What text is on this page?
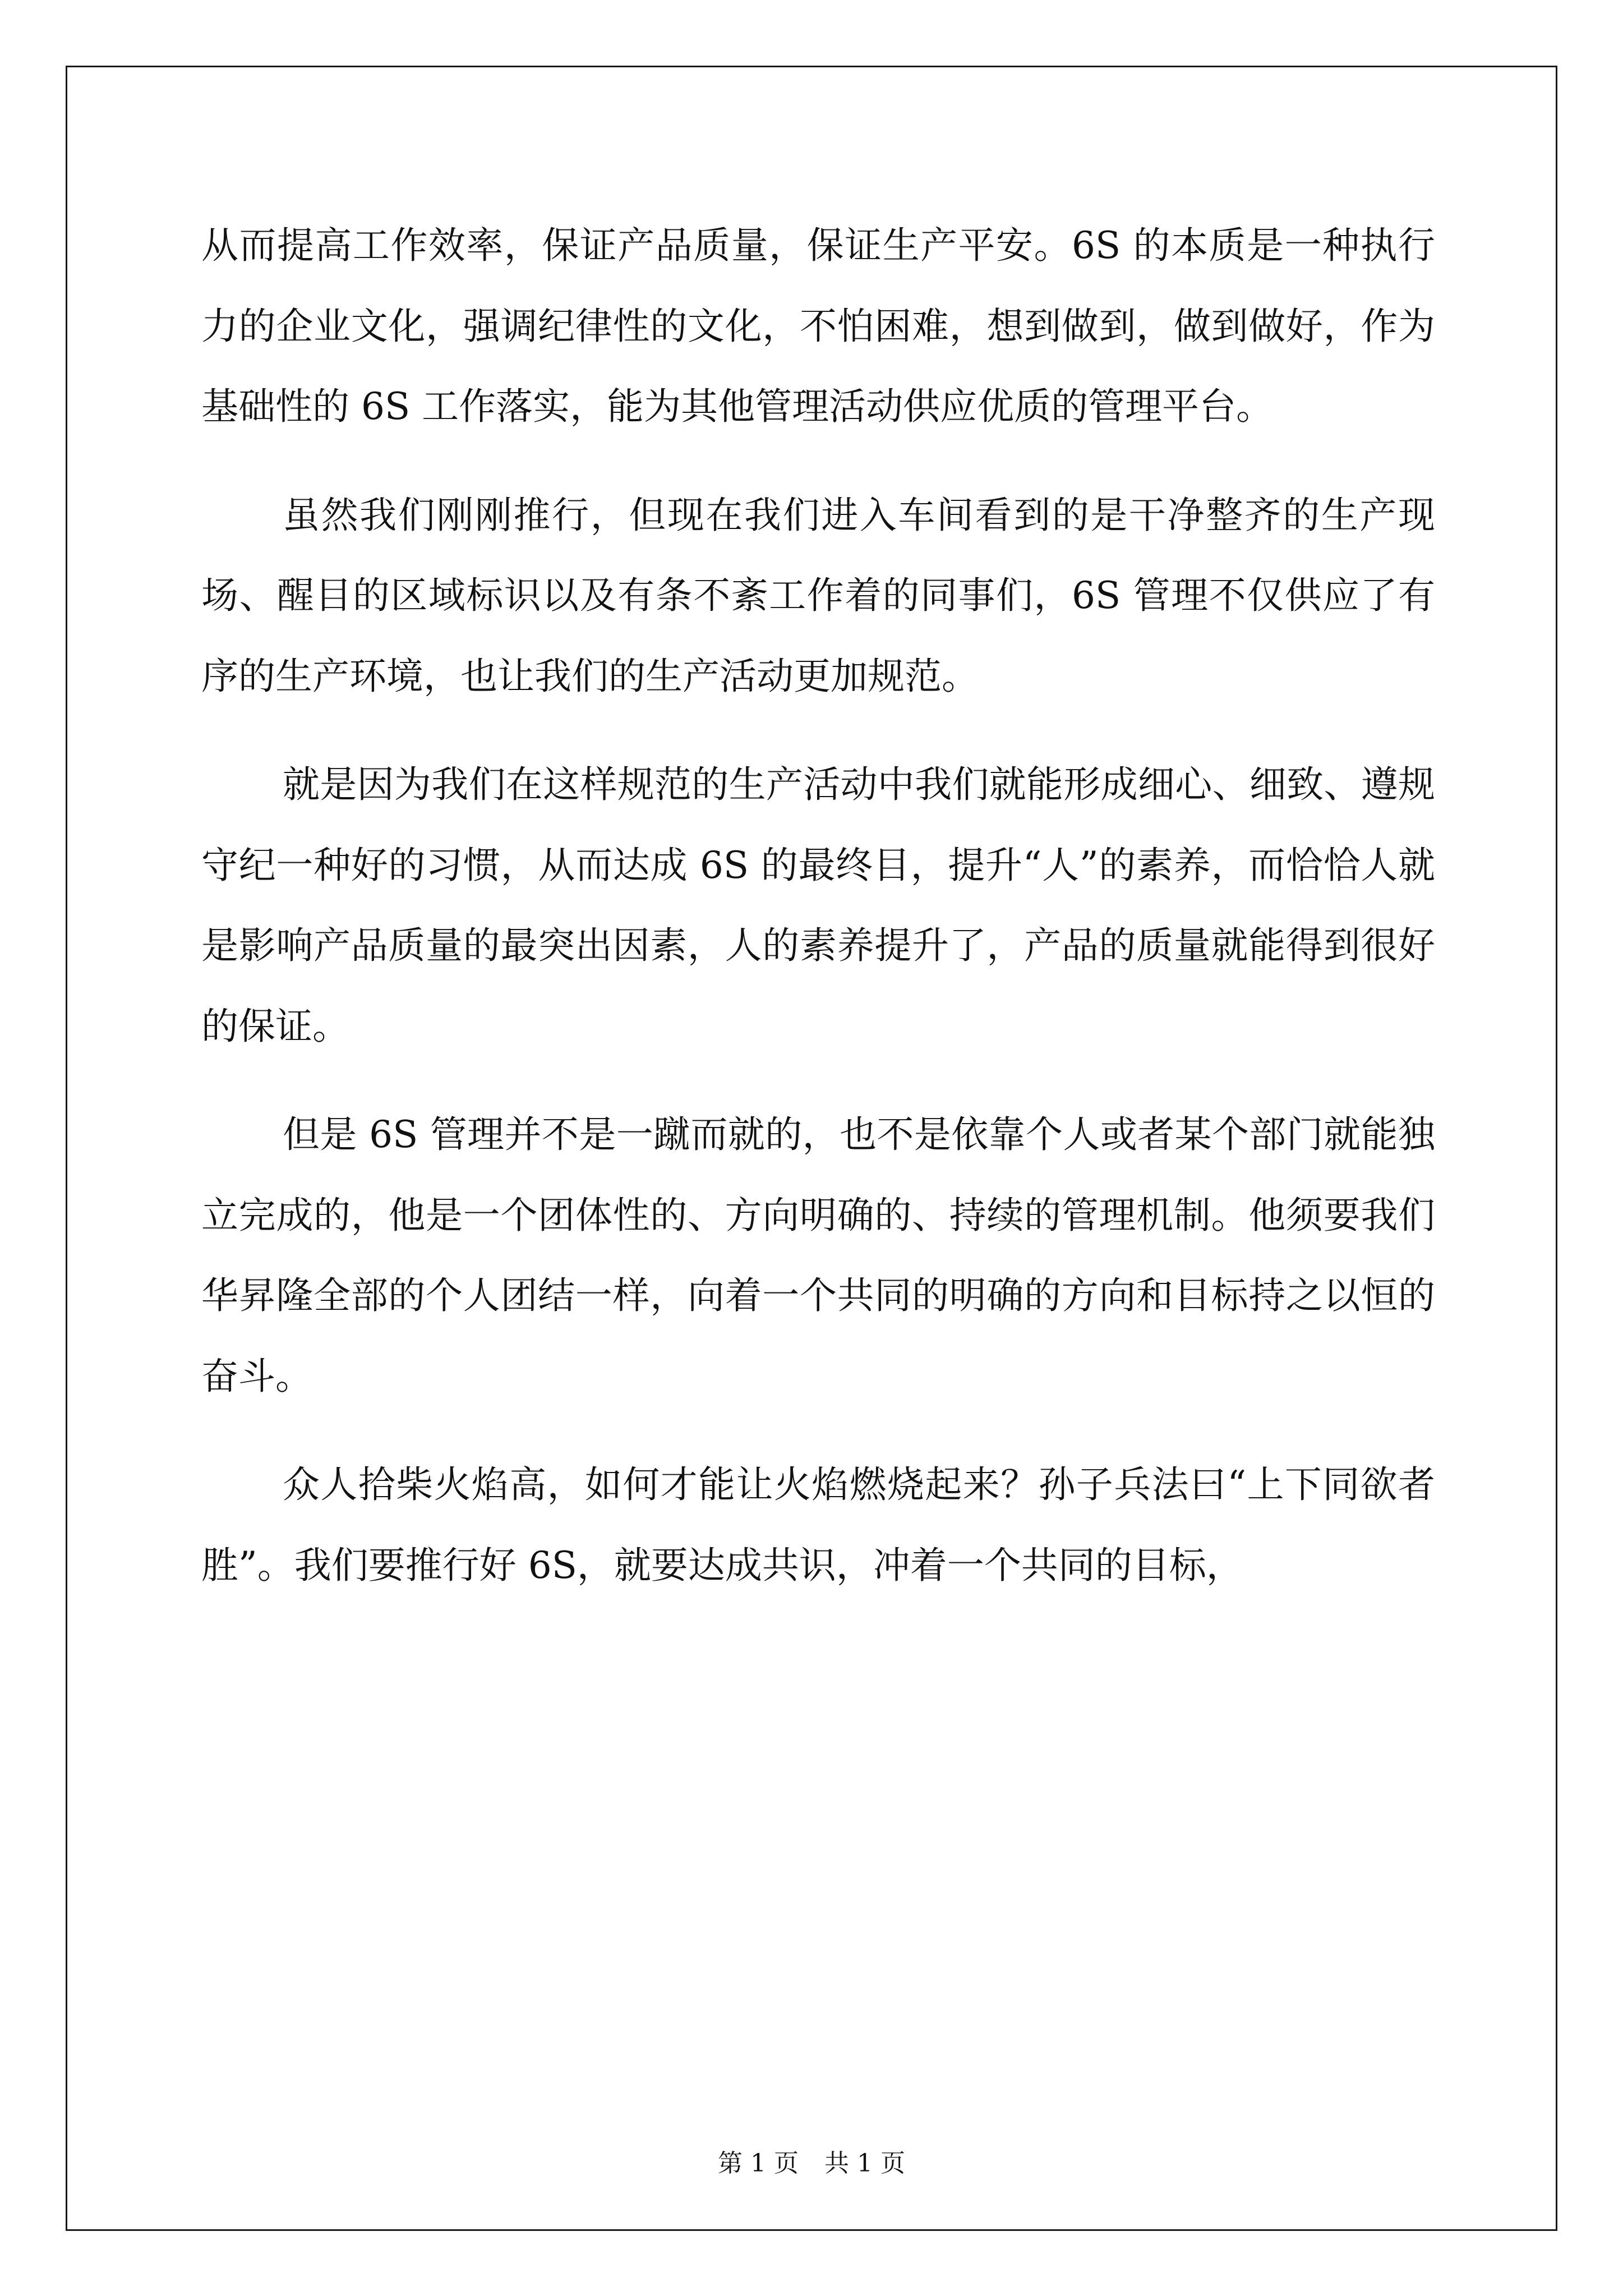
从而提高工作效率，保证产品质量，保证生产平安。6S 的本质是一种执行力的企业文化，强调纪律性的文化，不怕困难，想到做到，做到做好，作为基础性的 6S 工作落实，能为其他管理活动供应优质的管理平台。

虽然我们刚刚推行，但现在我们进入车间看到的是干净整齐的生产现场、醒目的区域标识以及有条不紊工作着的同事们，6S 管理不仅供应了有序的生产环境，也让我们的生产活动更加规范。

就是因为我们在这样规范的生产活动中我们就能形成细心、细致、遵规守纪一种好的习惯，从而达成 6S 的最终目，提升“人”的素养，而恰恰人就是影响产品质量的最突出因素，人的素养提升了，产品的质量就能得到很好的保证。

但是 6S 管理并不是一蹴而就的，也不是依靠个人或者某个部门就能独立完成的，他是一个团体性的、方向明确的、持续的管理机制。他须要我们华昇隆全部的个人团结一样，向着一个共同的明确的方向和目标持之以恒的奋斗。

众人拾柴火焰高，如何才能让火焰燃烧起来？孙子兵法曰“上下同欲者胜”。我们要推行好 6S，就要达成共识，冲着一个共同的目标，

第 1 页 共 1 页
